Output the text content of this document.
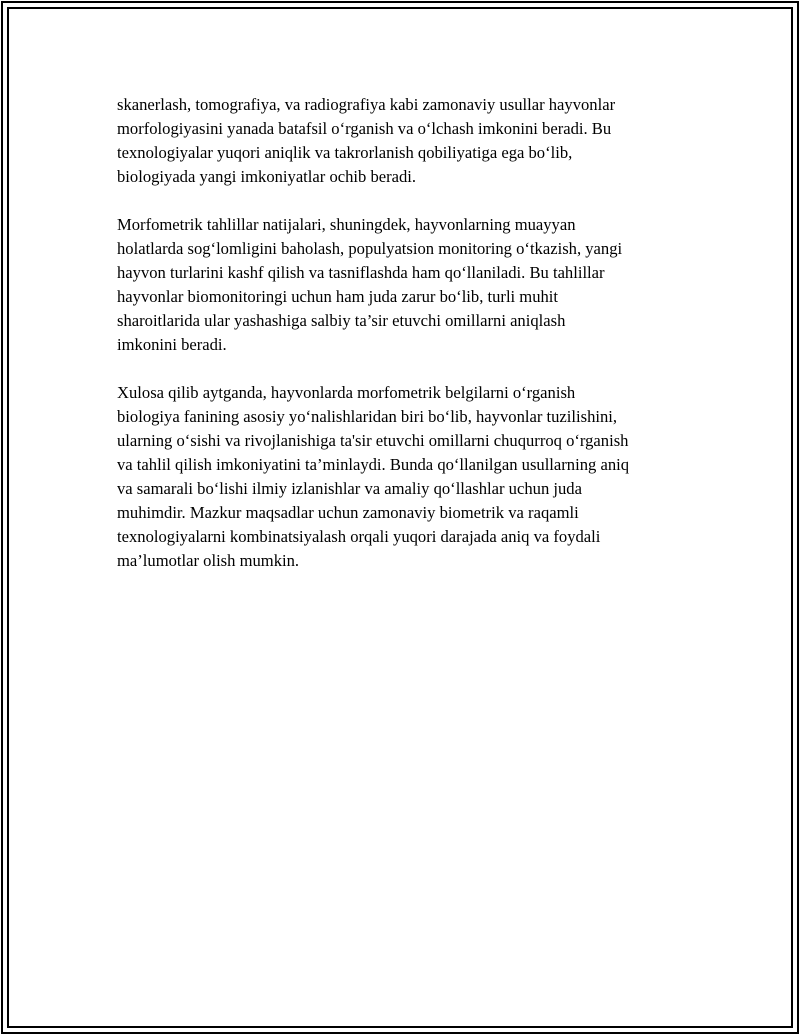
skanerlash, tomografiya, va radiografiya kabi zamonaviy usullar hayvonlar
morfologiyasini yanada batafsil o‘rganish va o‘lchash imkonini beradi. Bu
texnologiyalar yuqori aniqlik va takrorlanish qobiliyatiga ega bo‘lib,
biologiyada yangi imkoniyatlar ochib beradi.

Morfometrik tahlillar natijalari, shuningdek, hayvonlarning muayyan
holatlarda sog‘lomligini baholash, populyatsion monitoring o‘tkazish, yangi
hayvon turlarini kashf qilish va tasniflashda ham qo‘llaniladi. Bu tahlillar
hayvonlar biomonitoringi uchun ham juda zarur bo‘lib, turli muhit
sharoitlarida ular yashashiga salbiy ta’sir etuvchi omillarni aniqlash
imkonini beradi.

Xulosa qilib aytganda, hayvonlarda morfometrik belgilarni o‘rganish
biologiya fanining asosiy yo‘nalishlaridan biri bo‘lib, hayvonlar tuzilishini,
ularning o‘sishi va rivojlanishiga ta'sir etuvchi omillarni chuqurroq o‘rganish
va tahlil qilish imkoniyatini ta’minlaydi. Bunda qo‘llanilgan usullarning aniq
va samarali bo‘lishi ilmiy izlanishlar va amaliy qo‘llashlar uchun juda
muhimdir. Mazkur maqsadlar uchun zamonaviy biometrik va raqamli
texnologiyalarni kombinatsiyalash orqali yuqori darajada aniq va foydali
ma’lumotlar olish mumkin.
